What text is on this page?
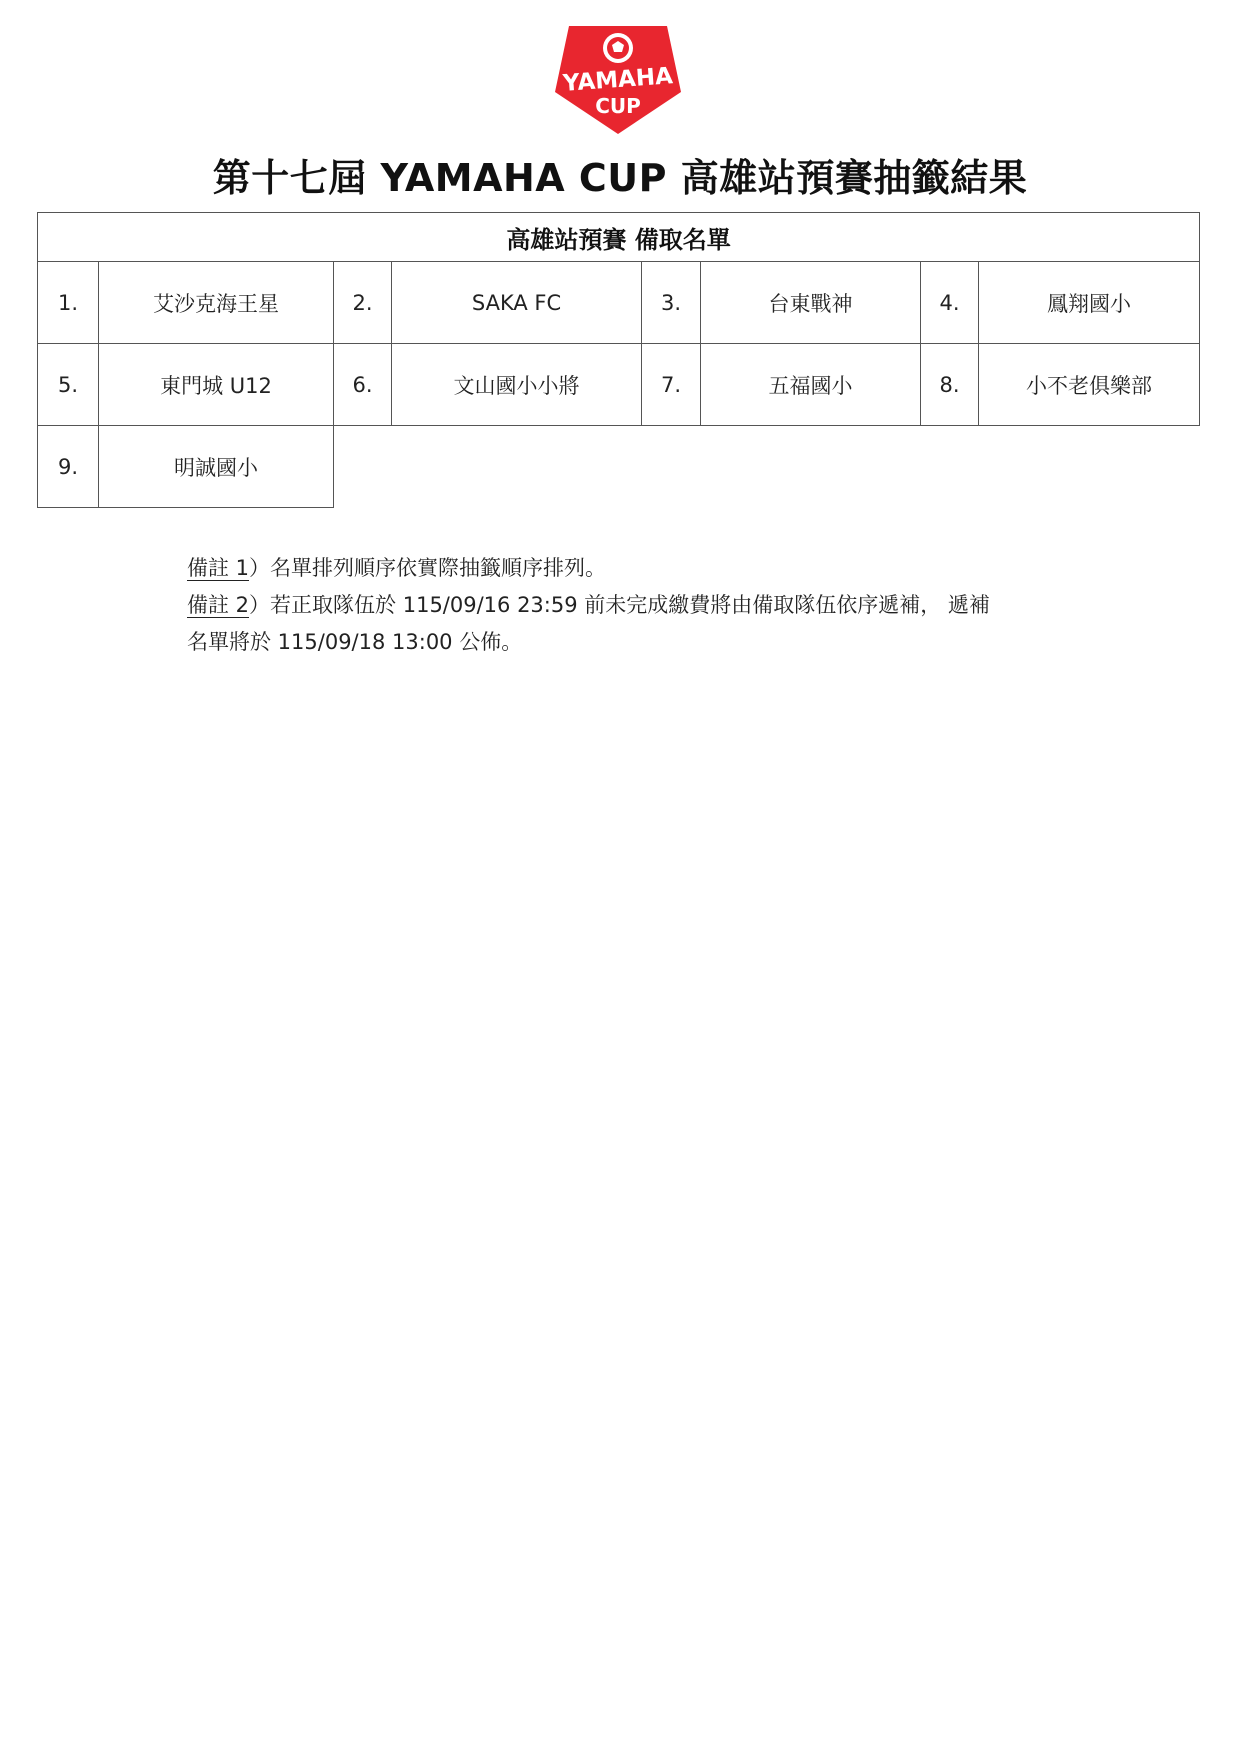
YAMAHA
CUP
第十七屆 YAMAHA CUP 高雄站預賽抽籤結果
高雄站預賽 備取名單							
1.	艾沙克海王星	2.	SAKA FC	3.	台東戰神	4.	鳳翔國小
5.	東門城 U12	6.	文山國小小將	7.	五福國小	8.	小不老俱樂部
9.	明誠國小						
備註 1）名單排列順序依實際抽籤順序排列。
備註 2）若正取隊伍於 115/09/16 23:59 前未完成繳費將由備取隊伍依序遞補， 遞補
名單將於 115/09/18 13:00 公佈。
